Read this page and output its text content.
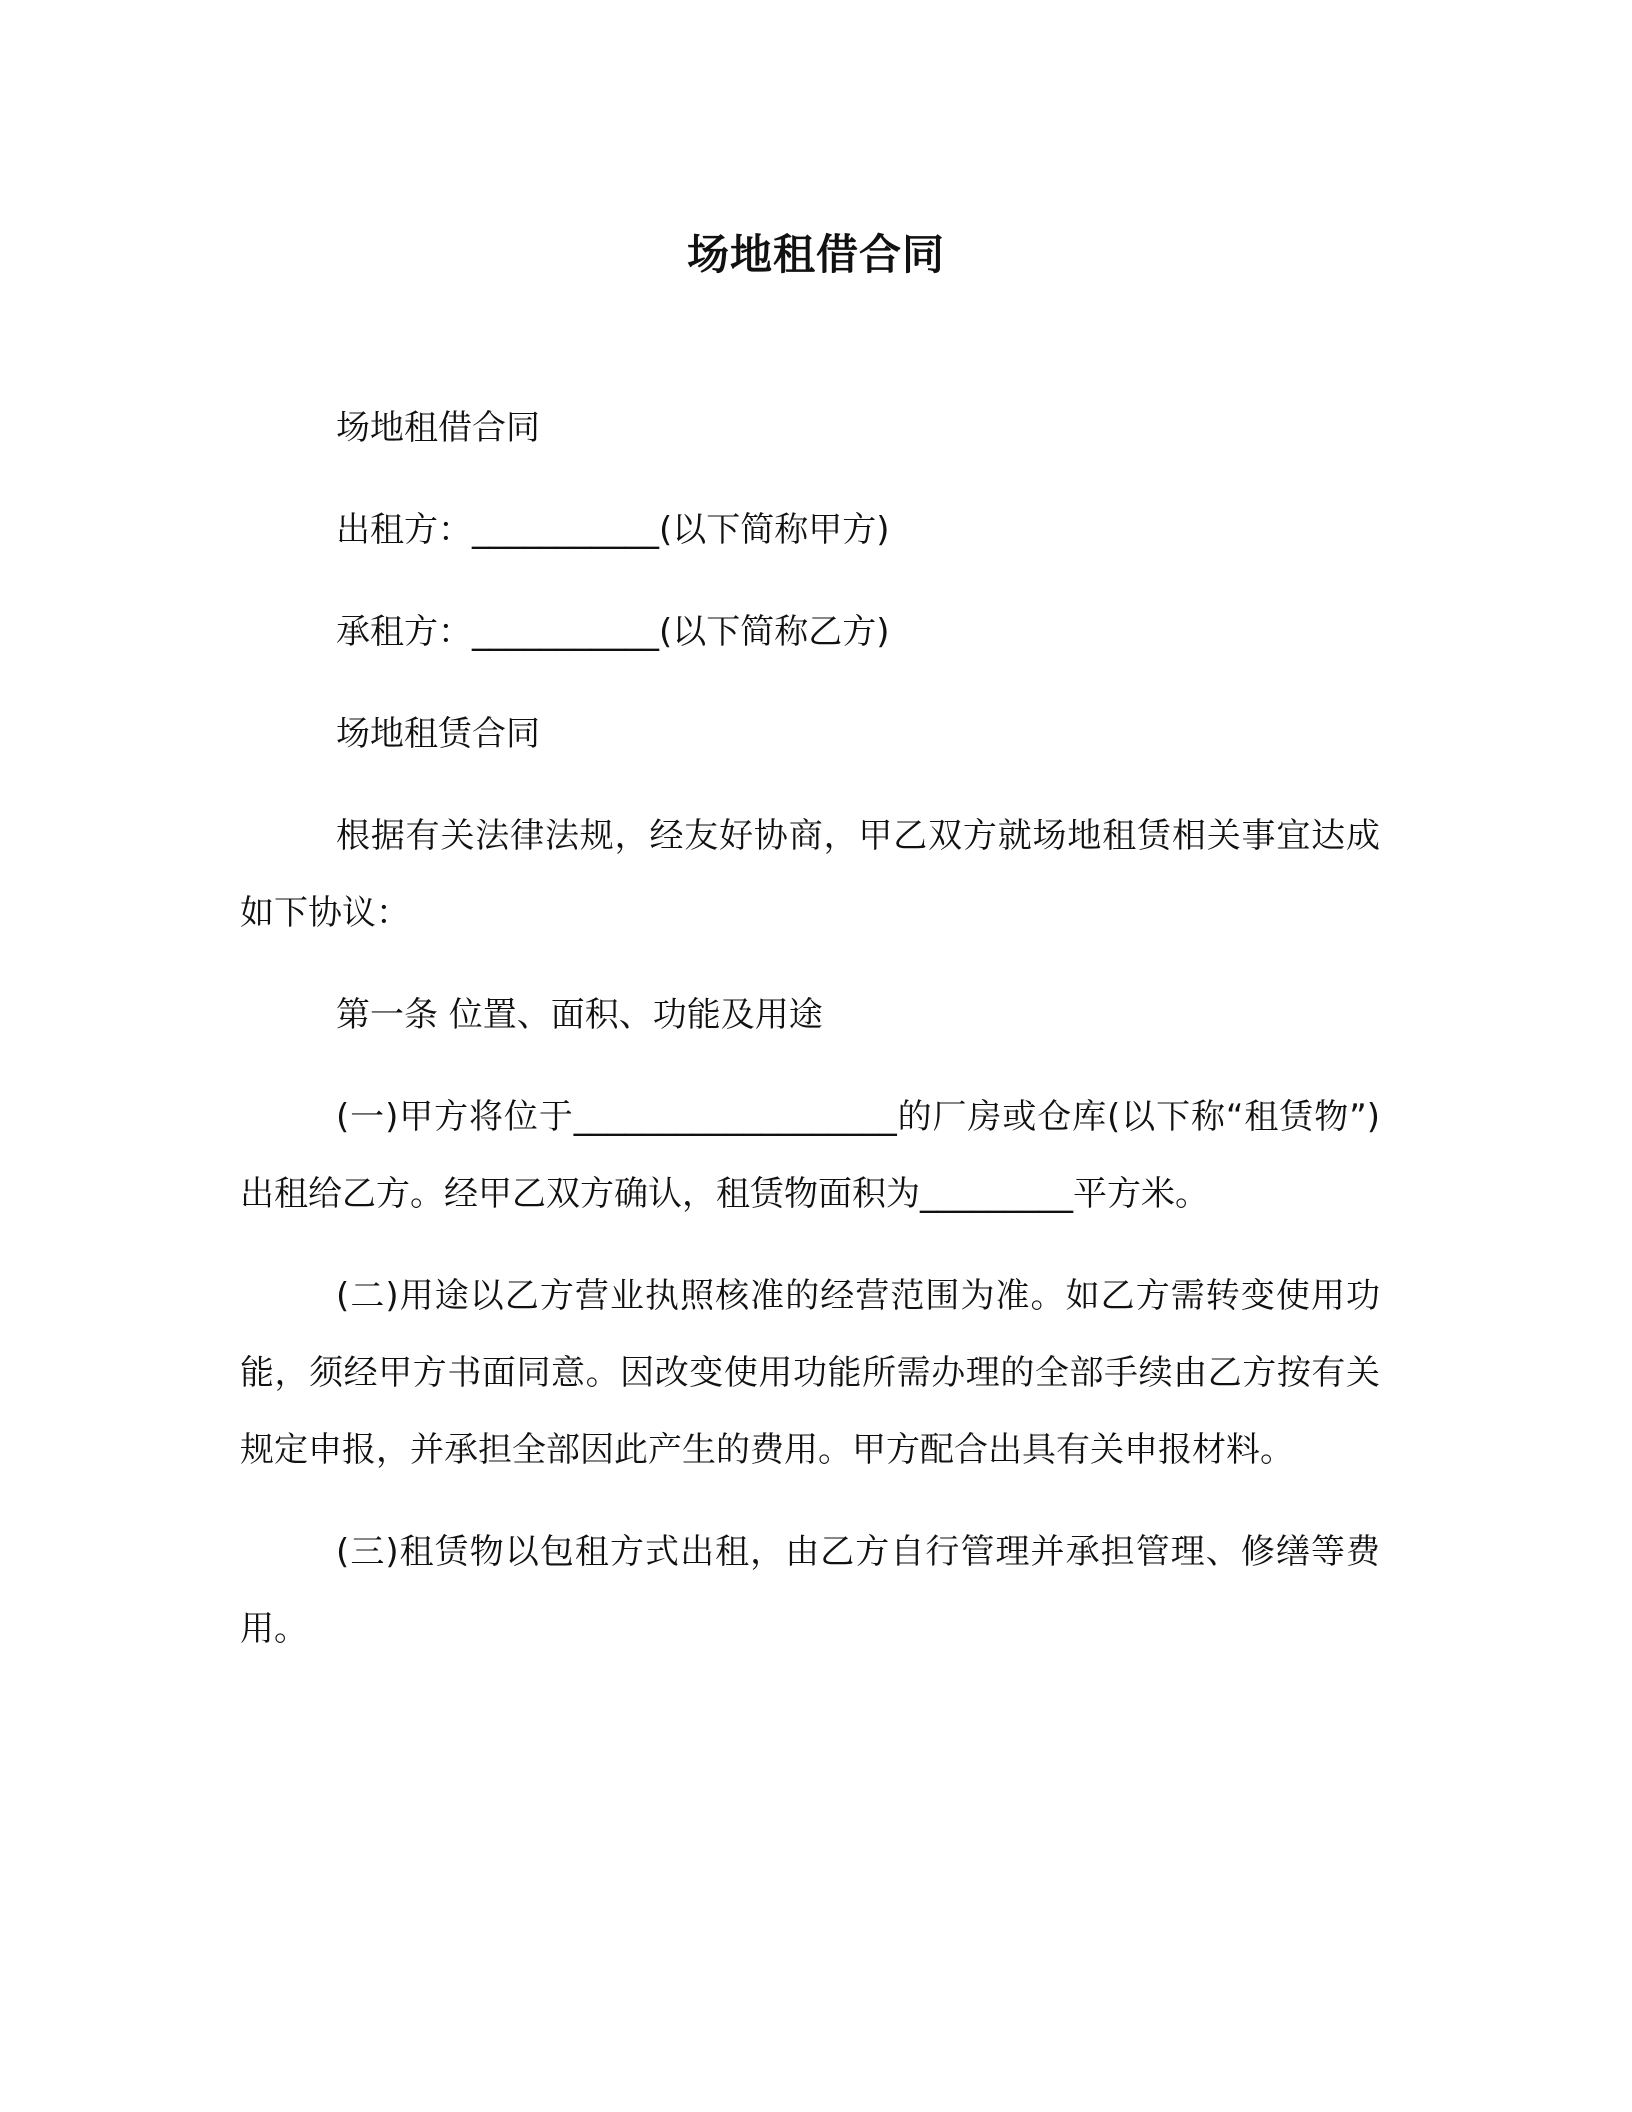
场地租借合同

场地租借合同

出租方：___________(以下简称甲方)

承租方：___________(以下简称乙方)

场地租赁合同

根据有关法律法规，经友好协商，甲乙双方就场地租赁相关事宜达成如下协议：

第一条 位置、面积、功能及用途

(一)甲方将位于___________________的厂房或仓库(以下称“租赁物”)出租给乙方。经甲乙双方确认，租赁物面积为_________平方米。

(二)用途以乙方营业执照核准的经营范围为准。如乙方需转变使用功能，须经甲方书面同意。因改变使用功能所需办理的全部手续由乙方按有关规定申报，并承担全部因此产生的费用。甲方配合出具有关申报材料。

(三)租赁物以包租方式出租，由乙方自行管理并承担管理、修缮等费用。
